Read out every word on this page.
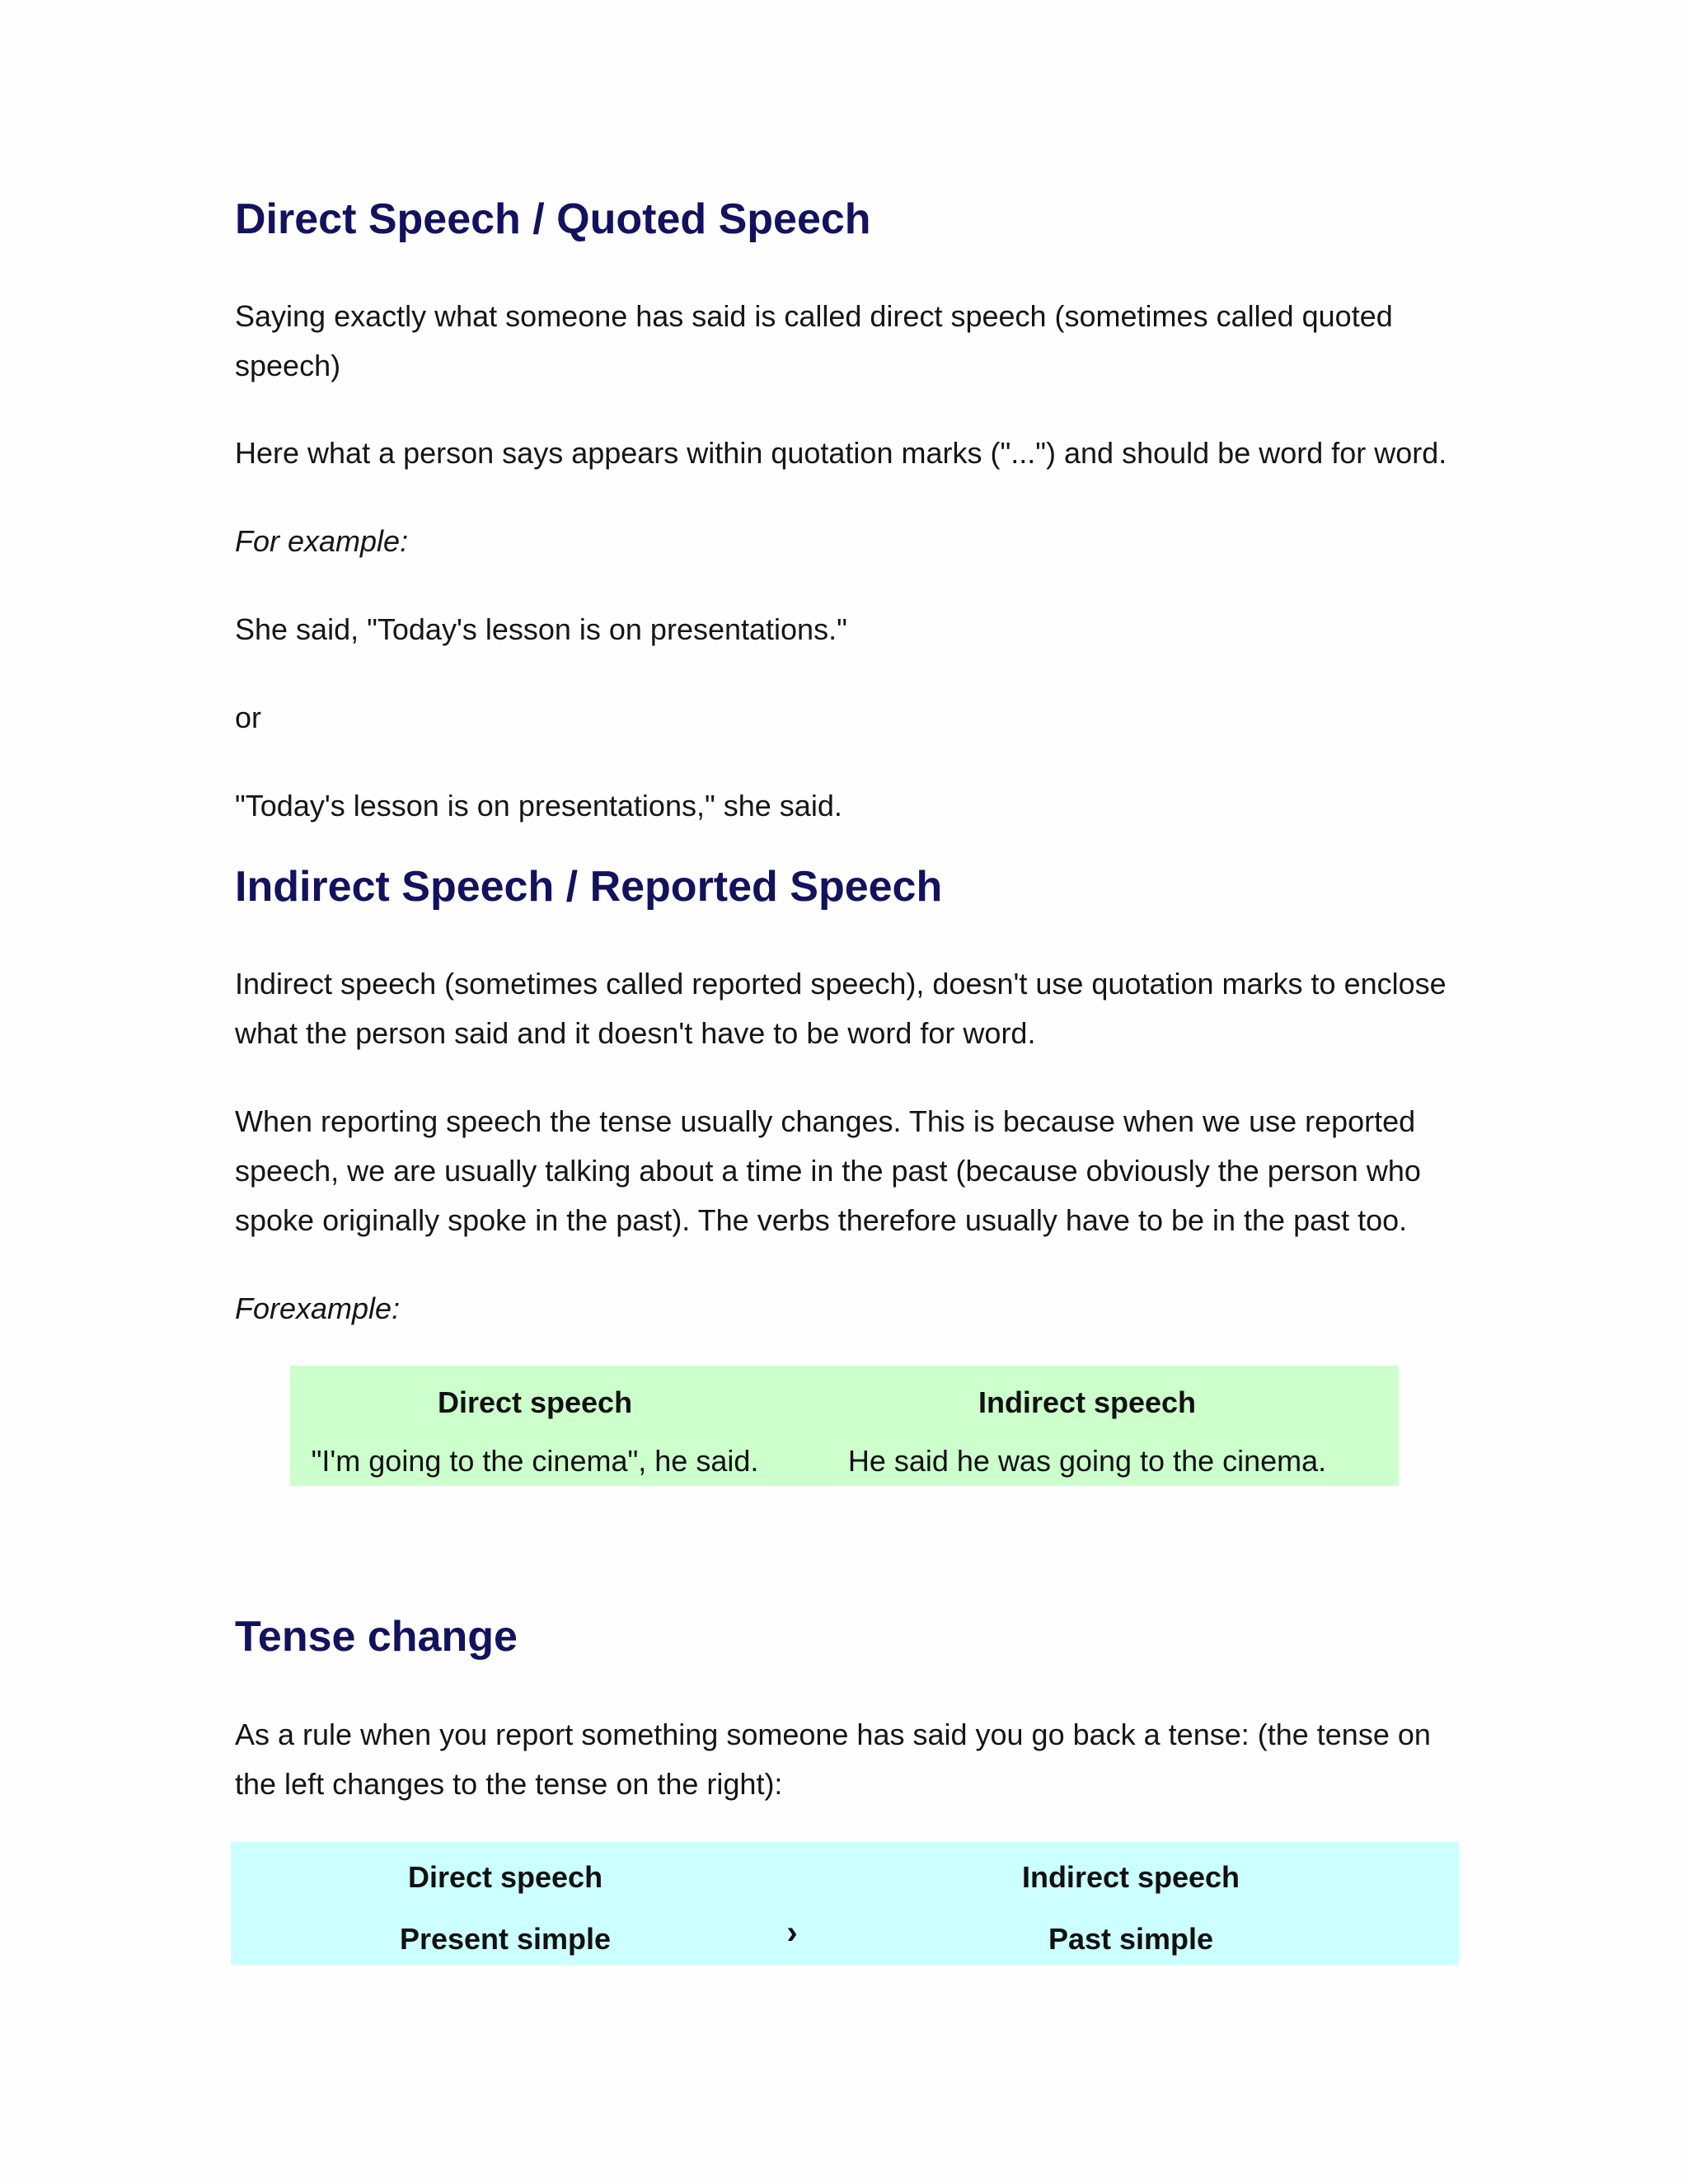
Direct Speech / Quoted Speech

Saying exactly what someone has said is called direct speech (sometimes called quoted speech)

Here what a person says appears within quotation marks ("...") and should be word for word.

For example:

She said, "Today's lesson is on presentations."

or

"Today's lesson is on presentations," she said.

Indirect Speech / Reported Speech

Indirect speech (sometimes called reported speech), doesn't use quotation marks to enclose what the person said and it doesn't have to be word for word.

When reporting speech the tense usually changes. This is because when we use reported speech, we are usually talking about a time in the past (because obviously the person who spoke originally spoke in the past). The verbs therefore usually have to be in the past too.

Forexample:

Direct speech	Indirect speech
"I'm going to the cinema", he said.	He said he was going to the cinema.
Tense change

As a rule when you report something someone has said you go back a tense: (the tense on the left changes to the tense on the right):

Direct speech	Indirect speech
Present simple	›	Past simple
